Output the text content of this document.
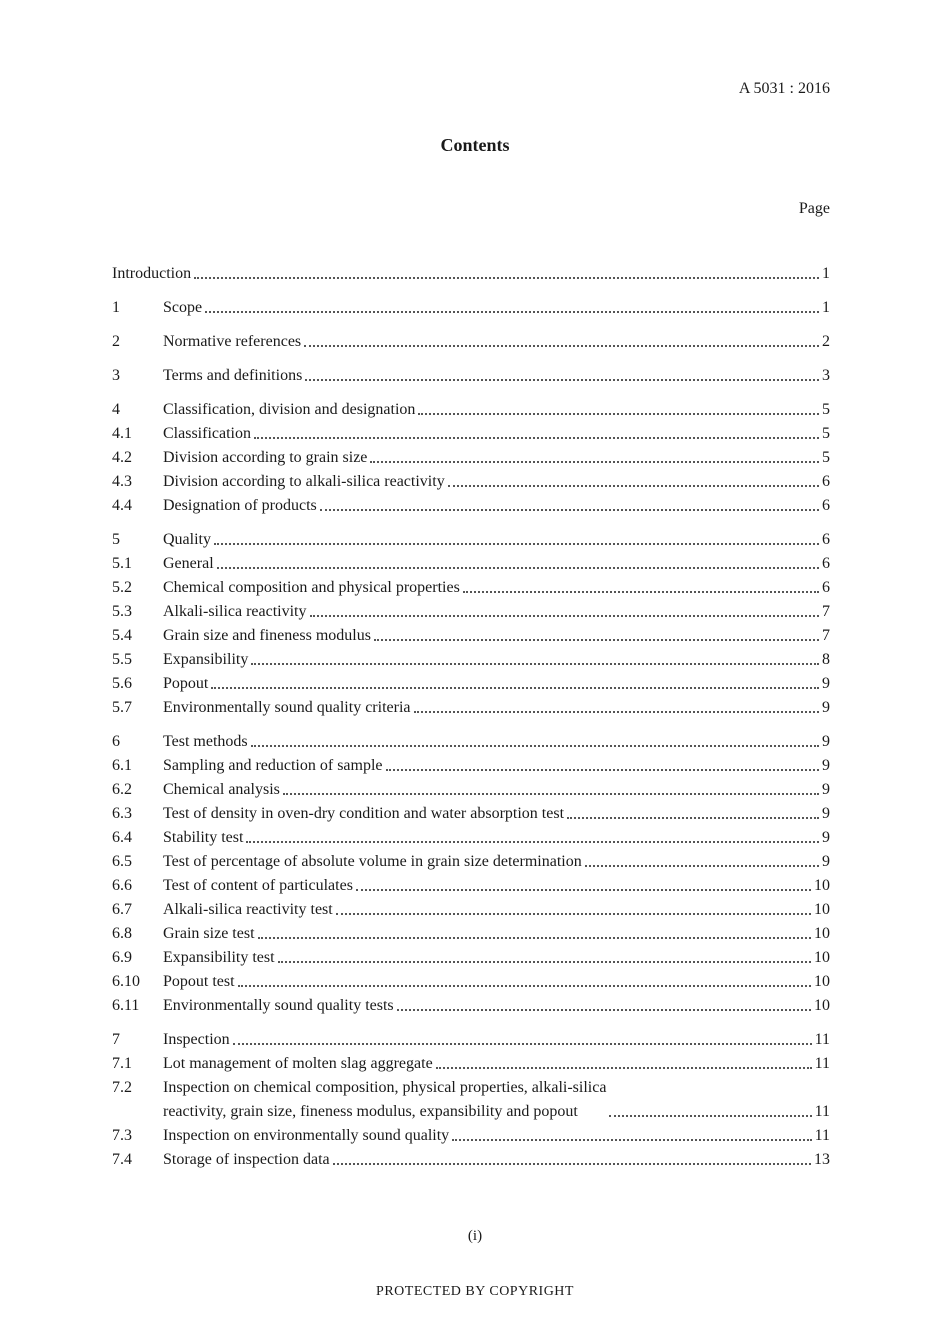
A 5031 : 2016
Contents
Page
Introduction	1
1	Scope	1
2	Normative references	2
3	Terms and definitions	3
4	Classification, division and designation	5
4.1 Classification	5
4.2 Division according to grain size	5
4.3 Division according to alkali-silica reactivity	6
4.4 Designation of products	6
5	Quality	6
5.1 General	6
5.2 Chemical composition and physical properties	6
5.3 Alkali-silica reactivity	7
5.4 Grain size and fineness modulus	7
5.5 Expansibility	8
5.6 Popout	9
5.7 Environmentally sound quality criteria	9
6	Test methods	9
6.1 Sampling and reduction of sample	9
6.2 Chemical analysis	9
6.3 Test of density in oven-dry condition and water absorption test	9
6.4 Stability test	9
6.5 Test of percentage of absolute volume in grain size determination	9
6.6 Test of content of particulates	10
6.7 Alkali-silica reactivity test	10
6.8 Grain size test	10
6.9 Expansibility test	10
6.10 Popout test	10
6.11 Environmentally sound quality tests	10
7	Inspection	11
7.1 Lot management of molten slag aggregate	11
7.2 Inspection on chemical composition, physical properties, alkali-silica
reactivity, grain size, fineness modulus, expansibility and popout	11
7.3 Inspection on environmentally sound quality	11
7.4 Storage of inspection data	13
(i)
PROTECTED BY COPYRIGHT
